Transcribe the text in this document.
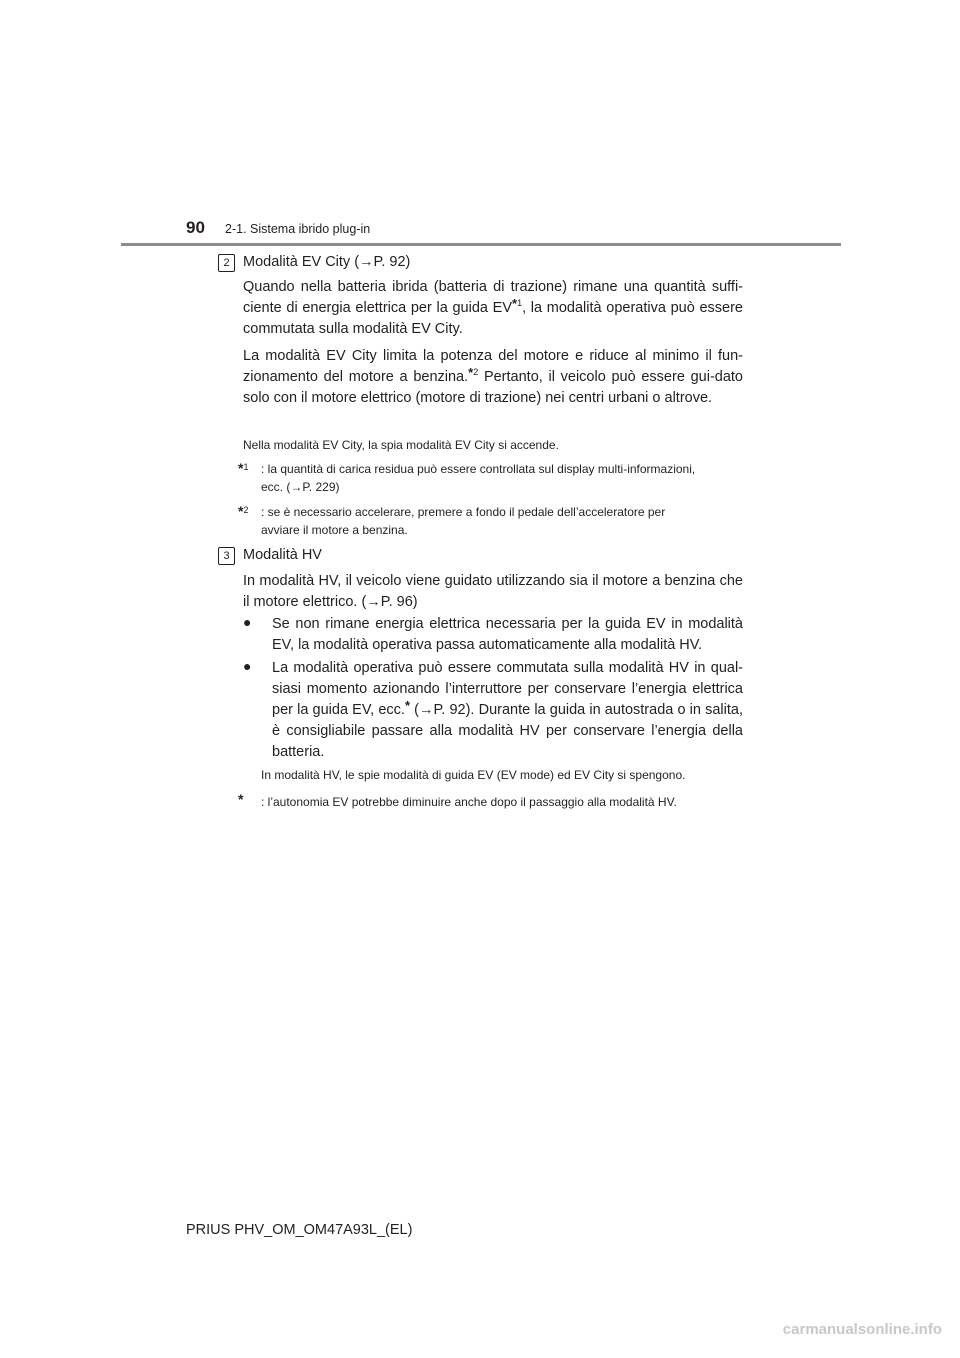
90 2-1. Sistema ibrido plug-in
2 Modalità EV City (→P. 92)
Quando nella batteria ibrida (batteria di trazione) rimane una quantità suffi-ciente di energia elettrica per la guida EV*$^1$, la modalità operativa può essere commutata sulla modalità EV City.
La modalità EV City limita la potenza del motore e riduce al minimo il fun-zionamento del motore a benzina.*$^2$ Pertanto, il veicolo può essere gui-dato solo con il motore elettrico (motore di trazione) nei centri urbani o altrove.
Nella modalità EV City, la spia modalità EV City si accende.
*$^1$ : la quantità di carica residua può essere controllata sul display multi-informazioni,
ecc. (→P. 229)
*$^2$ : se è necessario accelerare, premere a fondo il pedale dell’acceleratore per
avviare il motore a benzina.
3 Modalità HV
In modalità HV, il veicolo viene guidato utilizzando sia il motore a benzina che il motore elettrico. (→P. 96)
● Se non rimane energia elettrica necessaria per la guida EV in modalità EV, la modalità operativa passa automaticamente alla modalità HV.
● La modalità operativa può essere commutata sulla modalità HV in qual-siasi momento azionando l’interruttore per conservare l’energia elettrica per la guida EV, ecc.* (→P. 92). Durante la guida in autostrada o in salita, è consigliabile passare alla modalità HV per conservare l’energia della batteria.
In modalità HV, le spie modalità di guida EV (EV mode) ed EV City si spengono.
* : l’autonomia EV potrebbe diminuire anche dopo il passaggio alla modalità HV.
PRIUS PHV_OM_OM47A93L_(EL)
carmanualsonline.info
